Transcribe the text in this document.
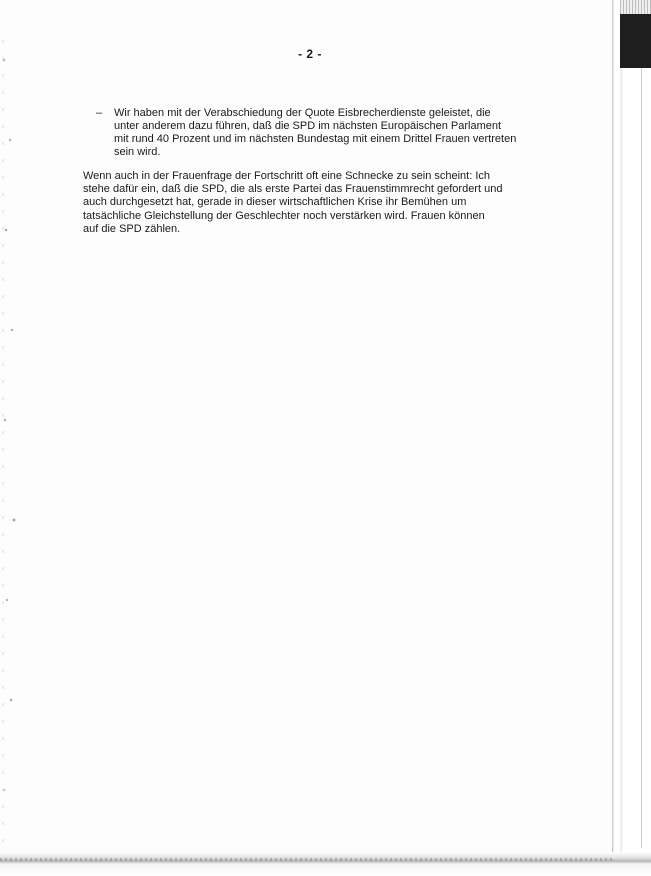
- 2 -
– Wir haben mit der Verabschiedung der Quote Eisbrecherdienste geleistet, die
unter anderem dazu führen, daß die SPD im nächsten Europäischen Parlament
mit rund 40 Prozent und im nächsten Bundestag mit einem Drittel Frauen vertreten
sein wird.
Wenn auch in der Frauenfrage der Fortschritt oft eine Schnecke zu sein scheint: Ich
stehe dafür ein, daß die SPD, die als erste Partei das Frauenstimmrecht gefordert und
auch durchgesetzt hat, gerade in dieser wirtschaftlichen Krise ihr Bemühen um
tatsächliche Gleichstellung der Geschlechter noch verstärken wird. Frauen können
auf die SPD zählen.
